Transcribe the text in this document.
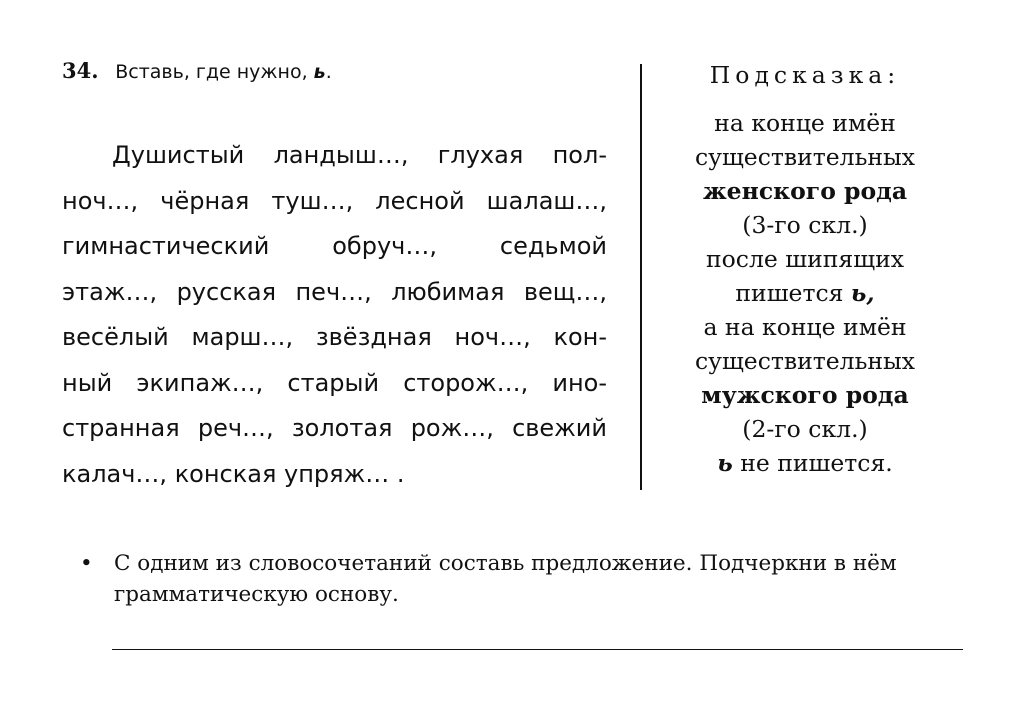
34. Вставь, где нужно, ь.
Душистый ландыш…, глухая пол-
ноч…, чёрная туш…, лесной шалаш…,
гимнастический обруч…, седьмой
этаж…, русская печ…, любимая вещ…,
весёлый марш…, звёздная ноч…, кон-
ный экипаж…, старый сторож…, ино-
странная реч…, золотая рож…, свежий
калач…, конская упряж… .
Подсказка:
на конце имён
существительных
женского рода
(3-го скл.)
после шипящих
пишется ь,
а на конце имён
существительных
мужского рода
(2-го скл.)
ь не пишется.
• С одним из словосочетаний составь предложение. Подчеркни в нём
грамматическую основу.
